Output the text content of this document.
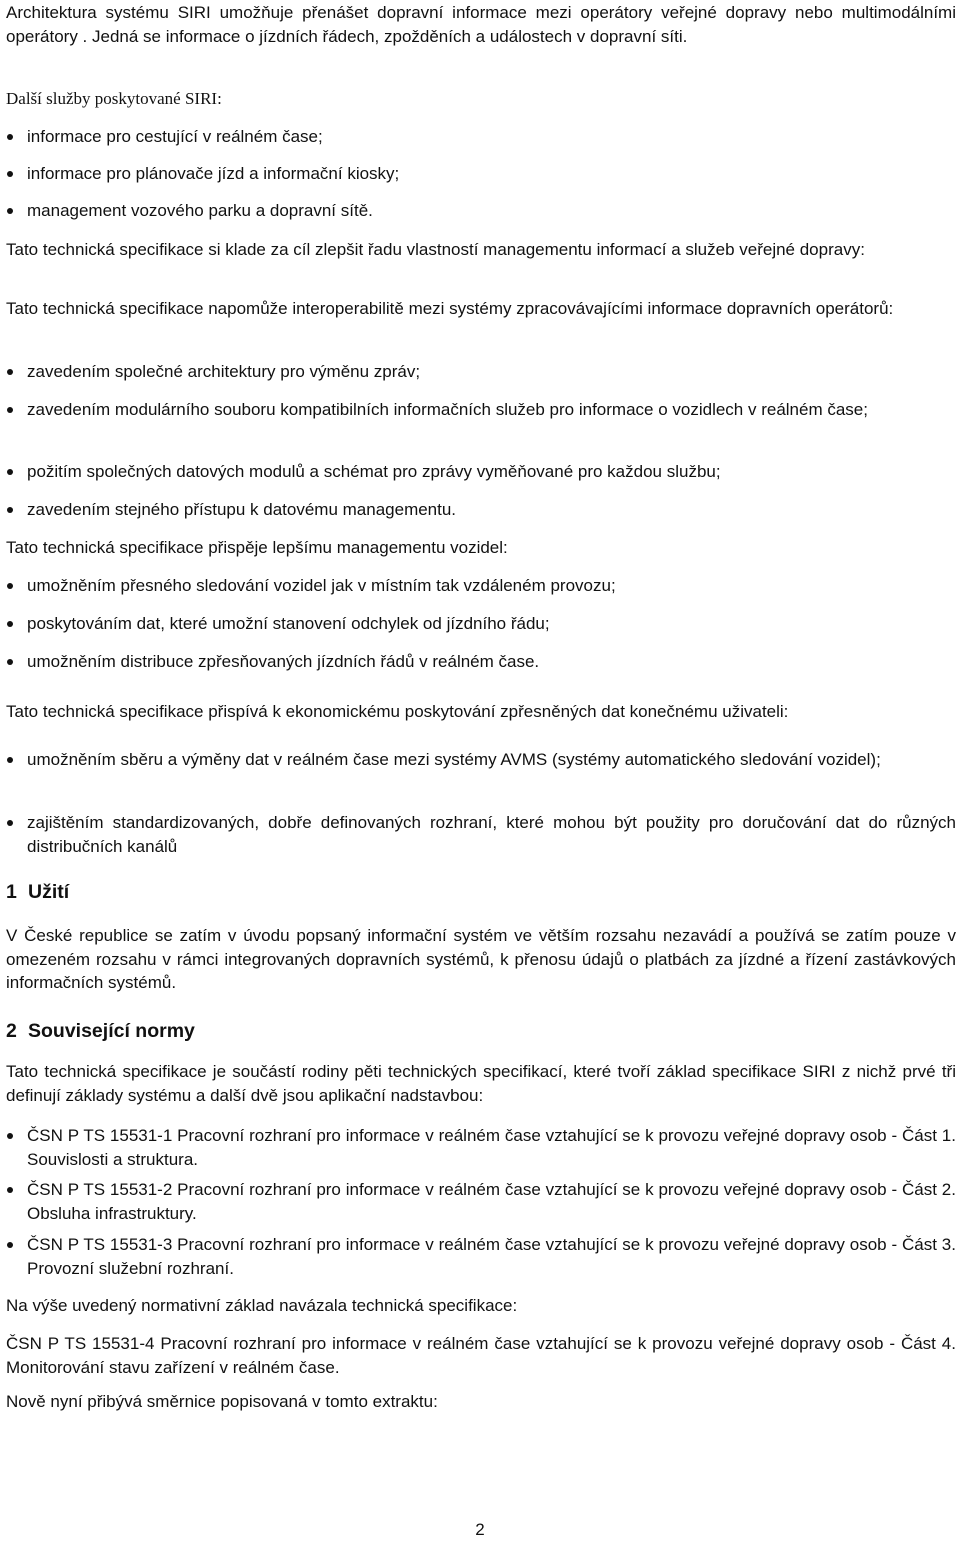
Architektura systému SIRI umožňuje přenášet dopravní informace mezi operátory veřejné dopravy nebo multimodálními operátory . Jedná se informace o jízdních řádech, zpožděních a událostech v dopravní síti.

Další služby poskytované SIRI:

informace pro cestující v reálném čase;

informace pro plánovače jízd a informační kiosky;

management vozového parku a dopravní sítě.

Tato technická specifikace si klade za cíl zlepšit řadu vlastností managementu informací a služeb veřejné dopravy:

Tato technická specifikace napomůže interoperabilitě mezi systémy zpracovávajícími informace dopravních operátorů:

zavedením společné architektury pro výměnu zpráv;

zavedením modulárního souboru kompatibilních informačních služeb pro informace o vozidlech v reálném čase;

požitím společných datových modulů a schémat pro zprávy vyměňované pro každou službu;

zavedením stejného přístupu k datovému managementu.

Tato technická specifikace přispěje lepšímu managementu vozidel:

umožněním přesného sledování vozidel jak v místním tak vzdáleném provozu;

poskytováním dat, které umožní stanovení odchylek od jízdního řádu;

umožněním distribuce zpřesňovaných jízdních řádů v reálném čase.

Tato technická specifikace přispívá k ekonomickému poskytování zpřesněných dat konečnému uživateli:

umožněním sběru a výměny dat v reálném čase mezi systémy AVMS (systémy automatického sledování vozidel);

zajištěním standardizovaných, dobře definovaných rozhraní, které mohou být použity pro doručování dat do různých distribučních kanálů

1 Užití

V České republice se zatím v úvodu popsaný informační systém ve větším rozsahu nezavádí a používá se zatím pouze v omezeném rozsahu v rámci integrovaných dopravních systémů, k přenosu údajů o platbách za jízdné a řízení zastávkových informačních systémů.

2 Související normy

Tato technická specifikace je součástí rodiny pěti technických specifikací, které tvoří základ specifikace SIRI z nichž prvé tři definují základy systému a další dvě jsou aplikační nadstavbou:

ČSN P TS 15531-1 Pracovní rozhraní pro informace v reálném čase vztahující se k provozu veřejné dopravy osob - Část 1. Souvislosti a struktura.

ČSN P TS 15531-2 Pracovní rozhraní pro informace v reálném čase vztahující se k provozu veřejné dopravy osob - Část 2. Obsluha infrastruktury.

ČSN P TS 15531-3 Pracovní rozhraní pro informace v reálném čase vztahující se k provozu veřejné dopravy osob - Část 3. Provozní služební rozhraní.

Na výše uvedený normativní základ navázala technická specifikace:

ČSN P TS 15531-4 Pracovní rozhraní pro informace v reálném čase vztahující se k provozu veřejné dopravy osob - Část 4. Monitorování stavu zařízení v reálném čase.

Nově nyní přibývá směrnice popisovaná v tomto extraktu:

2
